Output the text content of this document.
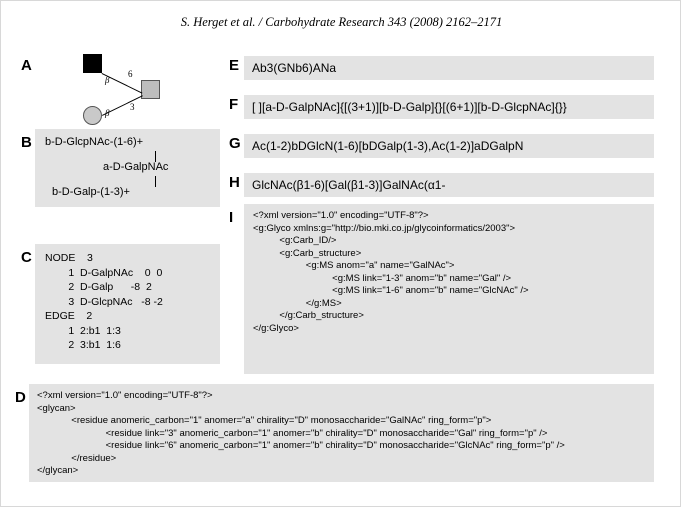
S. Herget et al. / Carbohydrate Research 343 (2008) 2162–2171
A
β
6
β
3
B b-D-GlcpNAc-(1-6)+
a-D-GalpNAc
b-D-Galp-(1-3)+
C NODE    3
1  D-GalpNAc    0  0
2  D-Galp      -8  2
3  D-GlcpNAc   -8 -2
EDGE    2
1  2:b1  1:3
2  3:b1  1:6
D <?xml version="1.0" encoding="UTF-8"?>
<glycan>
<residue anomeric_carbon="1" anomer="a" chirality="D" monosaccharide="GalNAc" ring_form="p">
<residue link="3" anomeric_carbon="1" anomer="b" chirality="D" monosaccharide="Gal" ring_form="p" />
<residue link="6" anomeric_carbon="1" anomer="b" chirality="D" monosaccharide="GlcNAc" ring_form="p" />
</residue>
</glycan>
E Ab3(GNb6)ANa
F [ ][a-D-GalpNAc]{[(3+1)][b-D-Galp]{}[(6+1)][b-D-GlcpNAc]{}}
G Ac(1-2)bDGlcN(1-6)[bDGalp(1-3),Ac(1-2)]aDGalpN
H GlcNAc(β1-6)[Gal(β1-3)]GalNAc(α1-
I <?xml version="1.0" encoding="UTF-8"?>
<g:Glyco xmlns:g="http://bio.mki.co.jp/glycoinformatics/2003">
<g:Carb_ID/>
<g:Carb_structure>
<g:MS anom="a" name="GalNAc">
<g:MS link="1-3" anom="b" name="Gal" />
<g:MS link="1-6" anom="b" name="GlcNAc" />
</g:MS>
</g:Carb_structure>
</g:Glyco>
